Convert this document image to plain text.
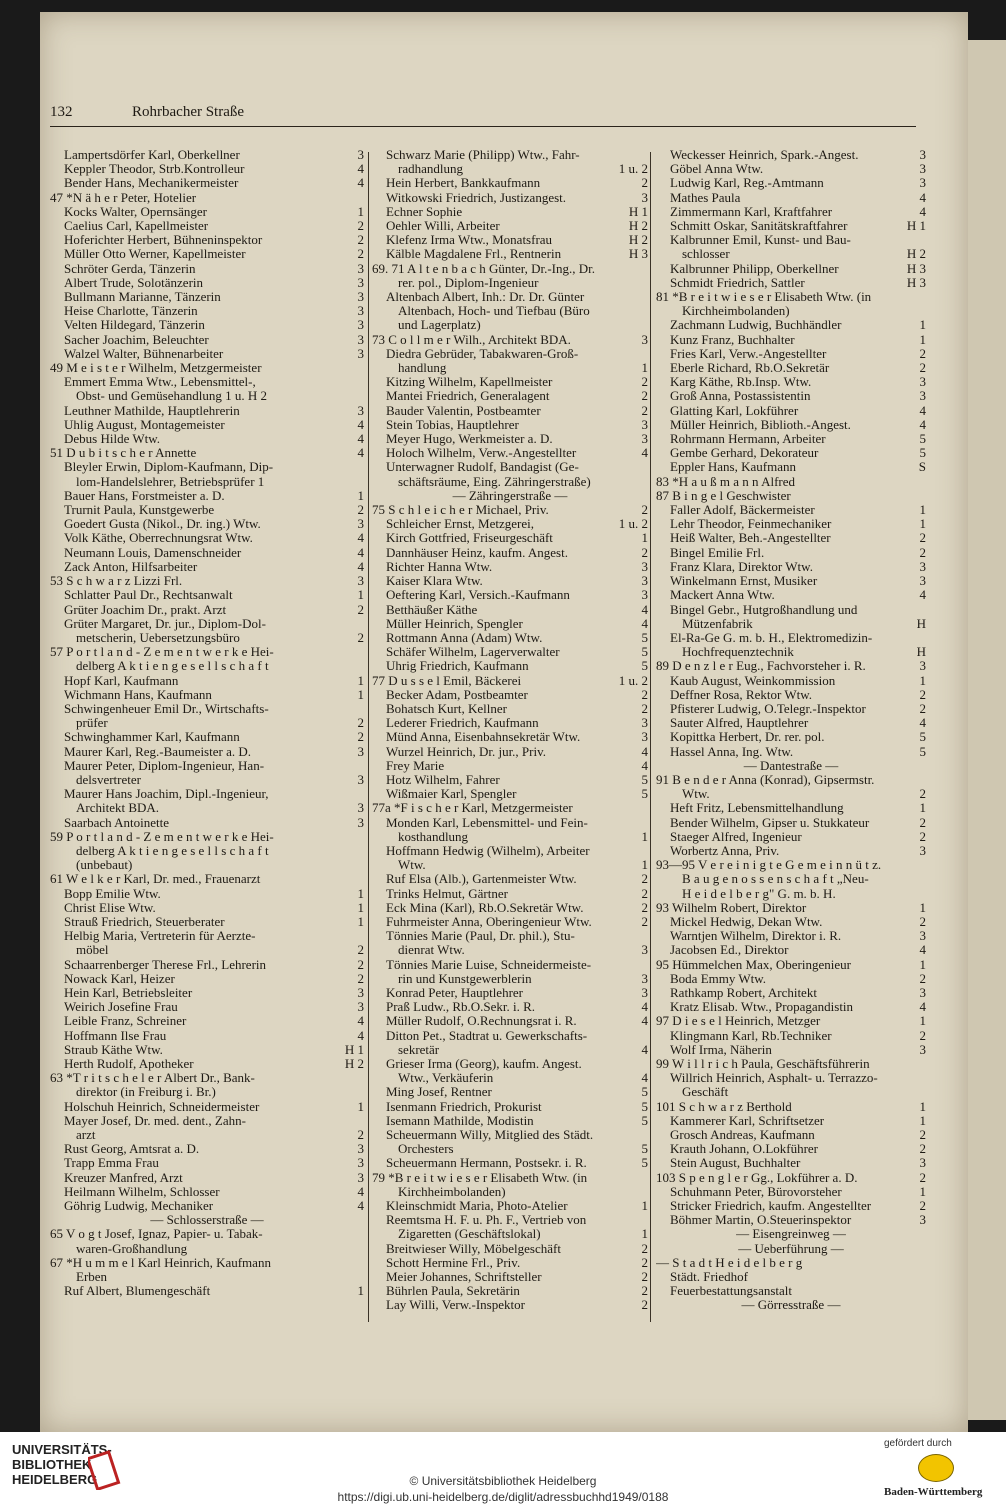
132	Rohrbacher Straße
Lampertsdörfer Karl, Oberkellner	3
Keppler Theodor, Strb.Kontrolleur	4
Bender Hans, Mechanikermeister	4
47 *N ä h e r Peter, Hotelier
Kocks Walter, Opernsänger	1
Caelius Carl, Kapellmeister	2
Hoferichter Herbert, Bühneninspektor	2
Müller Otto Werner, Kapellmeister	2
Schröter Gerda, Tänzerin	3
Albert Trude, Solotänzerin	3
Bullmann Marianne, Tänzerin	3
Heise Charlotte, Tänzerin	3
Velten Hildegard, Tänzerin	3
Sacher Joachim, Beleuchter	3
Walzel Walter, Bühnenarbeiter	3
49 M e i s t e r Wilhelm, Metzgermeister
Emmert Emma Wtw., Lebensmittel-,
Obst- und Gemüsehandlung 1 u. H 2
Leuthner Mathilde, Hauptlehrerin	3
Uhlig August, Montagemeister	4
Debus Hilde Wtw.	4
51 D u b i t s c h e r Annette	4
Bleyler Erwin, Diplom-Kaufmann, Dip-
lom-Handelslehrer, Betriebsprüfer 1
Bauer Hans, Forstmeister a. D.	1
Trurnit Paula, Kunstgewerbe	2
Goedert Gusta (Nikol., Dr. ing.) Wtw.	3
Volk Käthe, Oberrechnungsrat Wtw.	4
Neumann Louis, Damenschneider	4
Zack Anton, Hilfsarbeiter	4
53 S c h w a r z Lizzi Frl.	3
Schlatter Paul Dr., Rechtsanwalt	1
Grüter Joachim Dr., prakt. Arzt	2
Grüter Margaret, Dr. jur., Diplom-Dol-
metscherin, Uebersetzungsbüro	2
57 P o r t l a n d - Z e m e n t w e r k e Hei-
delberg A k t i e n g e s e l l s c h a f t
Hopf Karl, Kaufmann	1
Wichmann Hans, Kaufmann	1
Schwingenheuer Emil Dr., Wirtschafts-
prüfer	2
Schwinghammer Karl, Kaufmann	2
Maurer Karl, Reg.-Baumeister a. D.	3
Maurer Peter, Diplom-Ingenieur, Han-
delsvertreter	3
Maurer Hans Joachim, Dipl.-Ingenieur,
Architekt BDA.	3
Saarbach Antoinette	3
59 P o r t l a n d - Z e m e n t w e r k e Hei-
delberg A k t i e n g e s e l l s c h a f t
(unbebaut)
61 W e l k e r Karl, Dr. med., Frauenarzt
Bopp Emilie Wtw.	1
Christ Elise Wtw.	1
Strauß Friedrich, Steuerberater	1
Helbig Maria, Vertreterin für Aerzte-
möbel	2
Schaarrenberger Therese Frl., Lehrerin	2
Nowack Karl, Heizer	2
Hein Karl, Betriebsleiter	3
Weirich Josefine Frau	3
Leible Franz, Schreiner	4
Hoffmann Ilse Frau	4
Straub Käthe Wtw.	H 1
Herth Rudolf, Apotheker	H 2
63 *T r i t s c h e l e r Albert Dr., Bank-
direktor (in Freiburg i. Br.)
Holschuh Heinrich, Schneidermeister	1
Mayer Josef, Dr. med. dent., Zahn-
arzt	2
Rust Georg, Amtsrat a. D.	3
Trapp Emma Frau	3
Kreuzer Manfred, Arzt	3
Heilmann Wilhelm, Schlosser	4
Göhrig Ludwig, Mechaniker	4
— Schlosserstraße —
65 V o g t Josef, Ignaz, Papier- u. Tabak-
waren-Großhandlung
67 *H u m m e l Karl Heinrich, Kaufmann
Erben
Ruf Albert, Blumengeschäft	1
Schwarz Marie (Philipp) Wtw., Fahr-
radhandlung	1 u. 2
Hein Herbert, Bankkaufmann	2
Witkowski Friedrich, Justizangest.	3
Echner Sophie	H 1
Oehler Willi, Arbeiter	H 2
Klefenz Irma Wtw., Monatsfrau	H 2
Kälble Magdalene Frl., Rentnerin	H 3
69. 71 A l t e n b a c h Günter, Dr.-Ing., Dr.
rer. pol., Diplom-Ingenieur
Altenbach Albert, Inh.: Dr. Dr. Günter
Altenbach, Hoch- und Tiefbau (Büro
und Lagerplatz)
73 C o l l m e r Wilh., Architekt BDA.	3
Diedra Gebrüder, Tabakwaren-Groß-
handlung	1
Kitzing Wilhelm, Kapellmeister	2
Mantei Friedrich, Generalagent	2
Bauder Valentin, Postbeamter	2
Stein Tobias, Hauptlehrer	3
Meyer Hugo, Werkmeister a. D.	3
Holoch Wilhelm, Verw.-Angestellter	4
Unterwagner Rudolf, Bandagist (Ge-
schäftsräume, Eing. Zähringerstraße)
— Zähringerstraße —
75 S c h l e i c h e r Michael, Priv.	2
Schleicher Ernst, Metzgerei,	1 u. 2
Kirch Gottfried, Friseurgeschäft	1
Dannhäuser Heinz, kaufm. Angest.	2
Richter Hanna Wtw.	3
Kaiser Klara Wtw.	3
Oeftering Karl, Versich.-Kaufmann	3
Betthäußer Käthe	4
Müller Heinrich, Spengler	4
Rottmann Anna (Adam) Wtw.	5
Schäfer Wilhelm, Lagerverwalter	5
Uhrig Friedrich, Kaufmann	5
77 D u s s e l Emil, Bäckerei	1 u. 2
Becker Adam, Postbeamter	2
Bohatsch Kurt, Kellner	2
Lederer Friedrich, Kaufmann	3
Münd Anna, Eisenbahnsekretär Wtw.	3
Wurzel Heinrich, Dr. jur., Priv.	4
Frey Marie	4
Hotz Wilhelm, Fahrer	5
Wißmaier Karl, Spengler	5
77a *F i s c h e r Karl, Metzgermeister
Monden Karl, Lebensmittel- und Fein-
kosthandlung	1
Hoffmann Hedwig (Wilhelm), Arbeiter
Wtw.	1
Ruf Elsa (Alb.), Gartenmeister Wtw.	2
Trinks Helmut, Gärtner	2
Eck Mina (Karl), Rb.O.Sekretär Wtw.	2
Fuhrmeister Anna, Oberingenieur Wtw.	2
Tönnies Marie (Paul, Dr. phil.), Stu-
dienrat Wtw.	3
Tönnies Marie Luise, Schneidermeiste-
rin und Kunstgewerblerin	3
Konrad Peter, Hauptlehrer	3
Praß Ludw., Rb.O.Sekr. i. R.	4
Müller Rudolf, O.Rechnungsrat i. R.	4
Ditton Pet., Stadtrat u. Gewerkschafts-
sekretär	4
Grieser Irma (Georg), kaufm. Angest.
Wtw., Verkäuferin	4
Ming Josef, Rentner	5
Isenmann Friedrich, Prokurist	5
Isemann Mathilde, Modistin	5
Scheuermann Willy, Mitglied des Städt.
Orchesters	5
Scheuermann Hermann, Postsekr. i. R.	5
79 *B r e i t w i e s e r Elisabeth Wtw. (in
Kirchheimbolanden)
Kleinschmidt Maria, Photo-Atelier	1
Reemtsma H. F. u. Ph. F., Vertrieb von
Zigaretten (Geschäftslokal)	1
Breitwieser Willy, Möbelgeschäft	2
Schott Hermine Frl., Priv.	2
Meier Johannes, Schriftsteller	2
Bührlen Paula, Sekretärin	2
Lay Willi, Verw.-Inspektor	2
Weckesser Heinrich, Spark.-Angest.	3
Göbel Anna Wtw.	3
Ludwig Karl, Reg.-Amtmann	3
Mathes Paula	4
Zimmermann Karl, Kraftfahrer	4
Schmitt Oskar, Sanitätskraftfahrer	H 1
Kalbrunner Emil, Kunst- und Bau-
schlosser	H 2
Kalbrunner Philipp, Oberkellner	H 3
Schmidt Friedrich, Sattler	H 3
81 *B r e i t w i e s e r Elisabeth Wtw. (in
Kirchheimbolanden)
Zachmann Ludwig, Buchhändler	1
Kunz Franz, Buchhalter	1
Fries Karl, Verw.-Angestellter	2
Eberle Richard, Rb.O.Sekretär	2
Karg Käthe, Rb.Insp. Wtw.	3
Groß Anna, Postassistentin	3
Glatting Karl, Lokführer	4
Müller Heinrich, Biblioth.-Angest.	4
Rohrmann Hermann, Arbeiter	5
Gembe Gerhard, Dekorateur	5
Eppler Hans, Kaufmann	S
83 *H a u ß m a n n Alfred
87 B i n g e l Geschwister
Faller Adolf, Bäckermeister	1
Lehr Theodor, Feinmechaniker	1
Heiß Walter, Beh.-Angestellter	2
Bingel Emilie Frl.	2
Franz Klara, Direktor Wtw.	3
Winkelmann Ernst, Musiker	3
Mackert Anna Wtw.	4
Bingel Gebr., Hutgroßhandlung und
Mützenfabrik	H
El-Ra-Ge G. m. b. H., Elektromedizin-
Hochfrequenztechnik	H
89 D e n z l e r Eug., Fachvorsteher i. R.	3
Kaub August, Weinkommission	1
Deffner Rosa, Rektor Wtw.	2
Pfisterer Ludwig, O.Telegr.-Inspektor	2
Sauter Alfred, Hauptlehrer	4
Kopittka Herbert, Dr. rer. pol.	5
Hassel Anna, Ing. Wtw.	5
— Dantestraße —
91 B e n d e r Anna (Konrad), Gipsermstr.
Wtw.	2
Heft Fritz, Lebensmittelhandlung	1
Bender Wilhelm, Gipser u. Stukkateur	2
Staeger Alfred, Ingenieur	2
Worbertz Anna, Priv.	3
93—95 V e r e i n i g t e G e m e i n n ü t z.
B a u g e n o s s e n s c h a f t „Neu-
H e i d e l b e r g" G. m. b. H.
93 Wilhelm Robert, Direktor	1
Mickel Hedwig, Dekan Wtw.	2
Warntjen Wilhelm, Direktor i. R.	3
Jacobsen Ed., Direktor	4
95 Hümmelchen Max, Oberingenieur	1
Boda Emmy Wtw.	2
Rathkamp Robert, Architekt	3
Kratz Elisab. Wtw., Propagandistin	4
97 D i e s e l Heinrich, Metzger	1
Klingmann Karl, Rb.Techniker	2
Wolf Irma, Näherin	3
99 W i l l r i c h Paula, Geschäftsführerin
Willrich Heinrich, Asphalt- u. Terrazzo-
Geschäft
101 S c h w a r z Berthold	1
Kammerer Karl, Schriftsetzer	1
Grosch Andreas, Kaufmann	2
Krauth Johann, O.Lokführer	2
Stein August, Buchhalter	3
103 S p e n g l e r Gg., Lokführer a. D.	2
Schuhmann Peter, Bürovorsteher	1
Stricker Friedrich, kaufm. Angestellter	2
Böhmer Martin, O.Steuerinspektor	3
— Eisengreinweg —
— Ueberführung —
— S t a d t H e i d e l b e r g
Städt. Friedhof
Feuerbestattungsanstalt
— Görresstraße —
UNIVERSITÄTS-
BIBLIOTHEK
HEIDELBERG	© Universitätsbibliothek Heidelberg
https://digi.ub.uni-heidelberg.de/diglit/adressbuchhd1949/0188
gefördert durch
Baden-Württemberg
